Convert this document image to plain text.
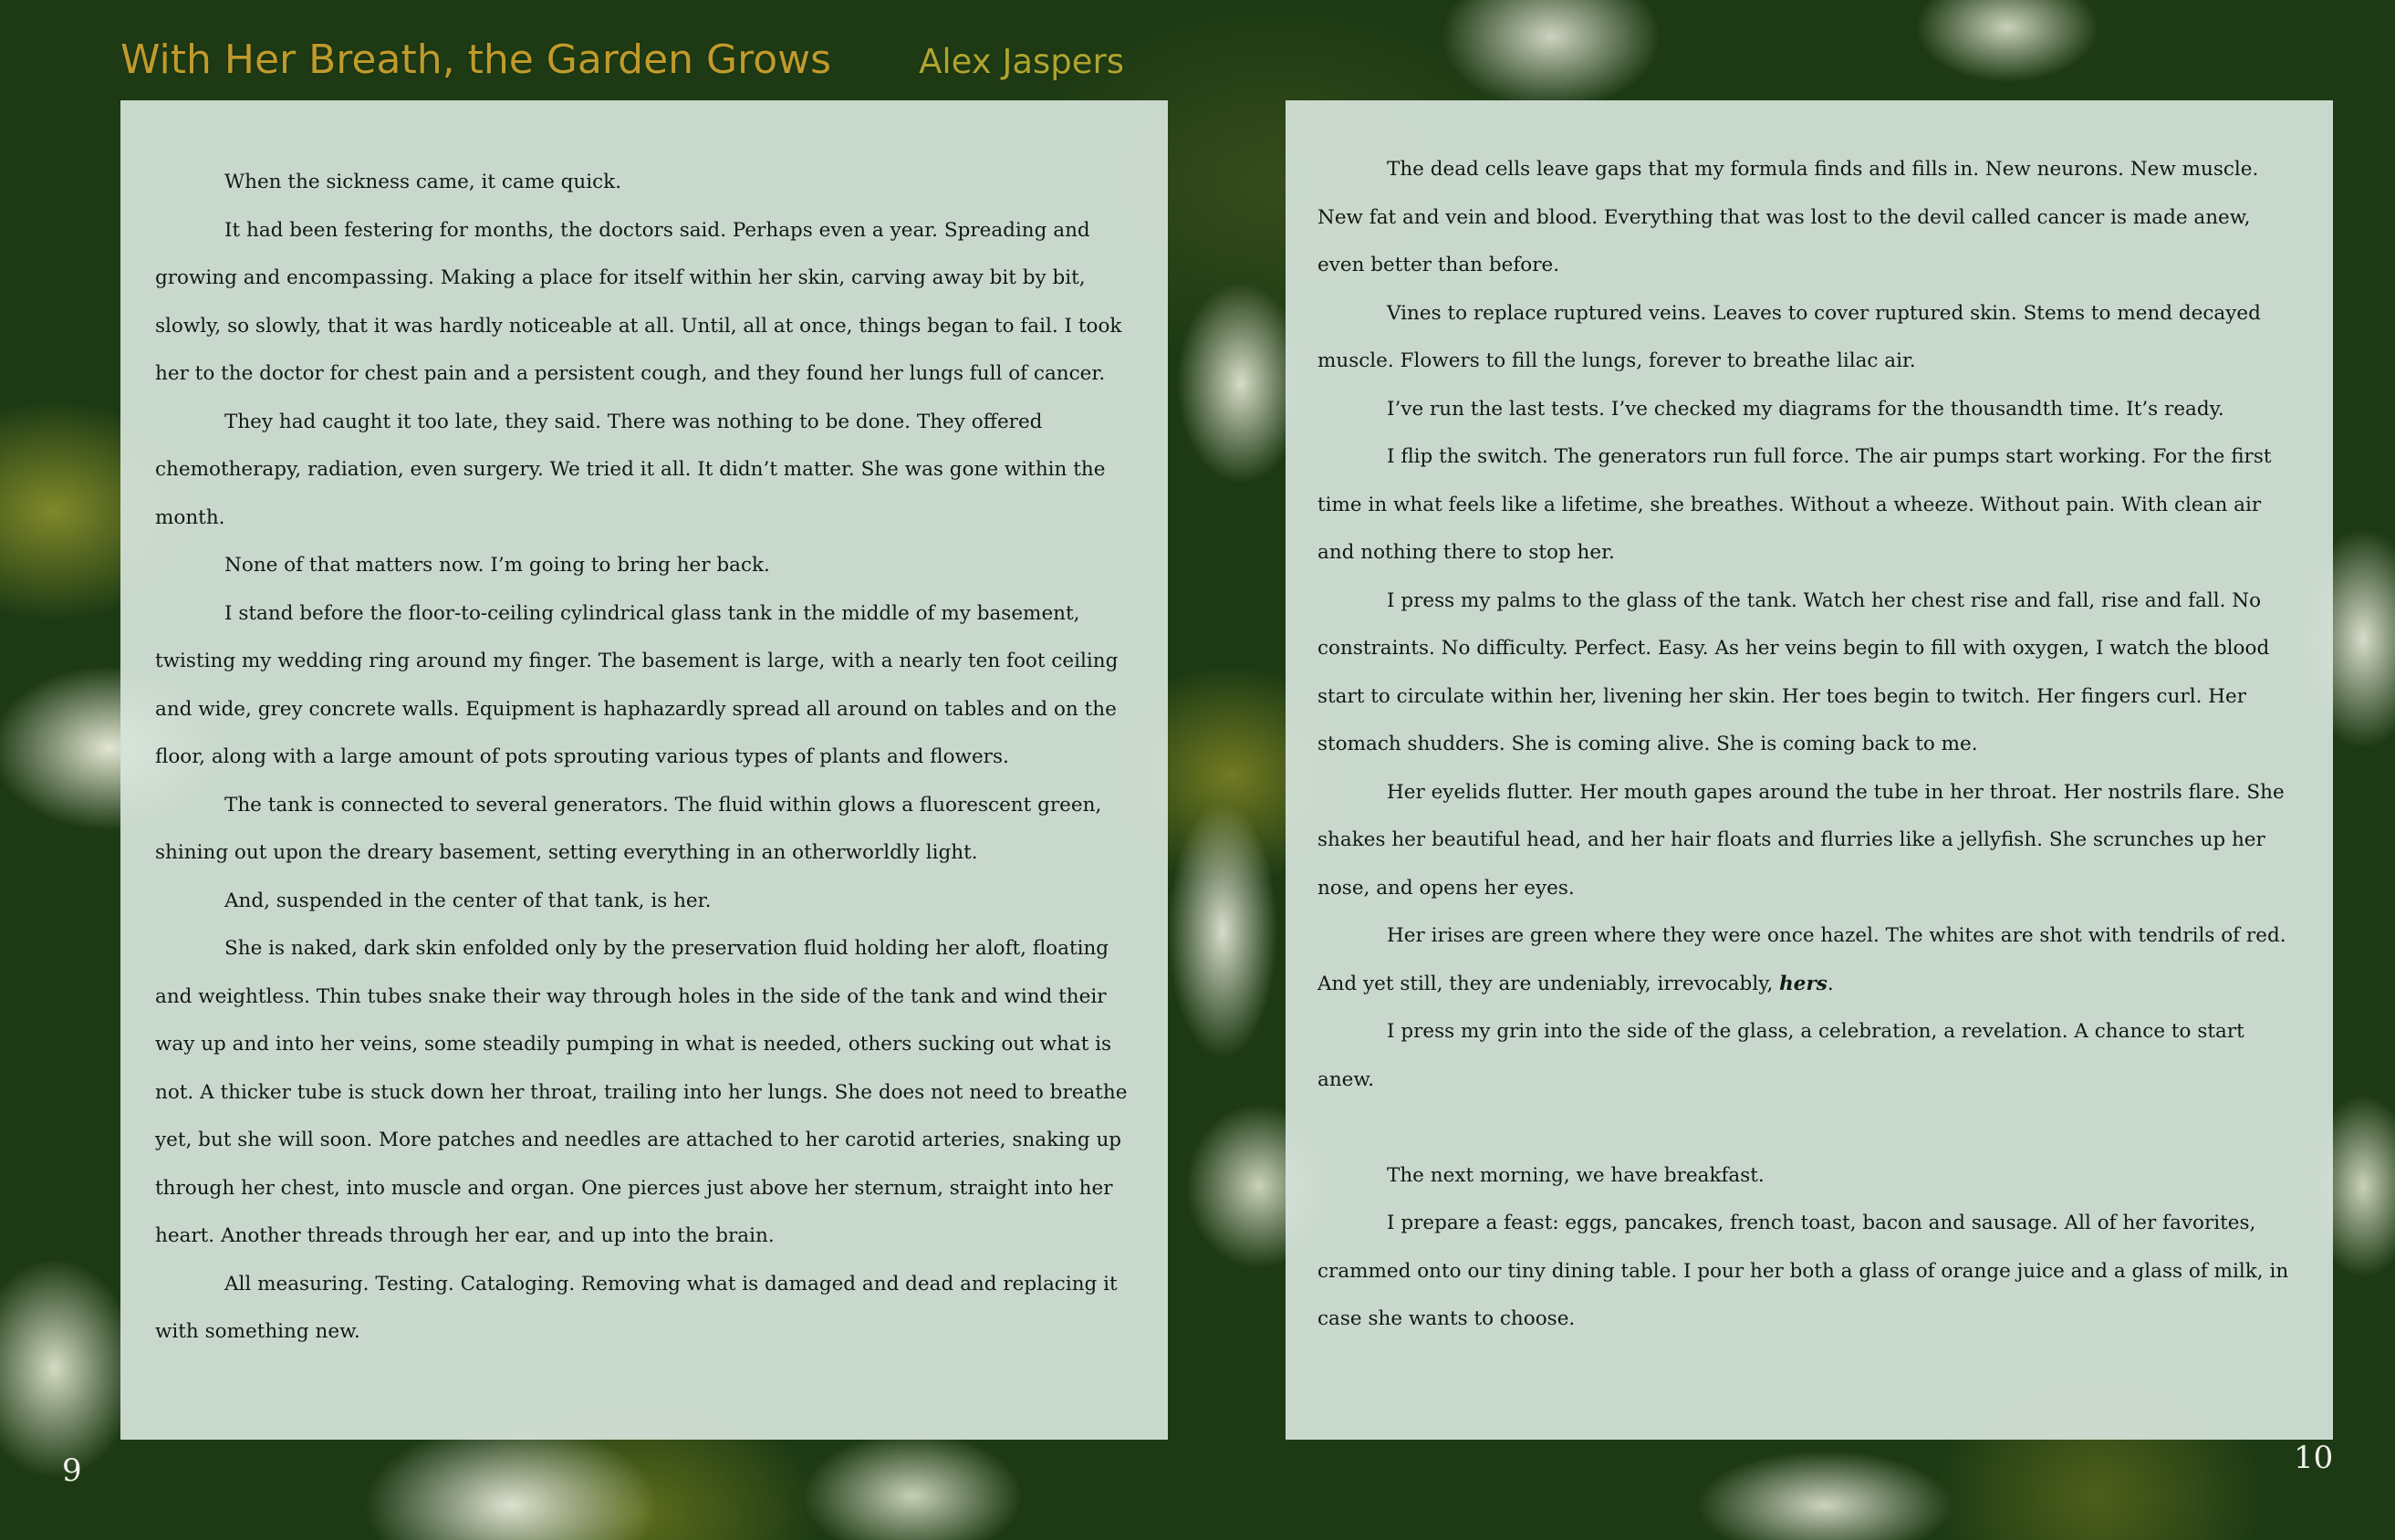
With Her Breath, the Garden Grows	Alex Jaspers

When the sickness came, it came quick.

It had been festering for months, the doctors said. Perhaps even a year. Spreading and growing and encompassing. Making a place for itself within her skin, carving away bit by bit, slowly, so slowly, that it was hardly noticeable at all. Until, all at once, things began to fail. I took her to the doctor for chest pain and a persistent cough, and they found her lungs full of cancer.

They had caught it too late, they said. There was nothing to be done. They offered chemotherapy, radiation, even surgery. We tried it all. It didn’t matter. She was gone within the month.

None of that matters now. I’m going to bring her back.

I stand before the floor-to-ceiling cylindrical glass tank in the middle of my basement, twisting my wedding ring around my finger. The basement is large, with a nearly ten foot ceiling and wide, grey concrete walls. Equipment is haphazardly spread all around on tables and on the floor, along with a large amount of pots sprouting various types of plants and flowers.

The tank is connected to several generators. The fluid within glows a fluorescent green, shining out upon the dreary basement, setting everything in an otherworldly light.

And, suspended in the center of that tank, is her.

She is naked, dark skin enfolded only by the preservation fluid holding her aloft, floating and weightless. Thin tubes snake their way through holes in the side of the tank and wind their way up and into her veins, some steadily pumping in what is needed, others sucking out what is not. A thicker tube is stuck down her throat, trailing into her lungs. She does not need to breathe yet, but she will soon. More patches and needles are attached to her carotid arteries, snaking up through her chest, into muscle and organ. One pierces just above her sternum, straight into her heart. Another threads through her ear, and up into the brain.

All measuring. Testing. Cataloging. Removing what is damaged and dead and replacing it with something new.

The dead cells leave gaps that my formula finds and fills in. New neurons. New muscle. New fat and vein and blood. Everything that was lost to the devil called cancer is made anew, even better than before.

Vines to replace ruptured veins. Leaves to cover ruptured skin. Stems to mend decayed muscle. Flowers to fill the lungs, forever to breathe lilac air.

I’ve run the last tests. I’ve checked my diagrams for the thousandth time. It’s ready.

I flip the switch. The generators run full force. The air pumps start working. For the first time in what feels like a lifetime, she breathes. Without a wheeze. Without pain. With clean air and nothing there to stop her.

I press my palms to the glass of the tank. Watch her chest rise and fall, rise and fall. No constraints. No difficulty. Perfect. Easy. As her veins begin to fill with oxygen, I watch the blood start to circulate within her, livening her skin. Her toes begin to twitch. Her fingers curl. Her stomach shudders. She is coming alive. She is coming back to me.

Her eyelids flutter. Her mouth gapes around the tube in her throat. Her nostrils flare. She shakes her beautiful head, and her hair floats and flurries like a jellyfish. She scrunches up her nose, and opens her eyes.

Her irises are green where they were once hazel. The whites are shot with tendrils of red. And yet still, they are undeniably, irrevocably, hers.

I press my grin into the side of the glass, a celebration, a revelation. A chance to start anew.

The next morning, we have breakfast.

I prepare a feast: eggs, pancakes, french toast, bacon and sausage. All of her favorites, crammed onto our tiny dining table. I pour her both a glass of orange juice and a glass of milk, in case she wants to choose.

9	10
